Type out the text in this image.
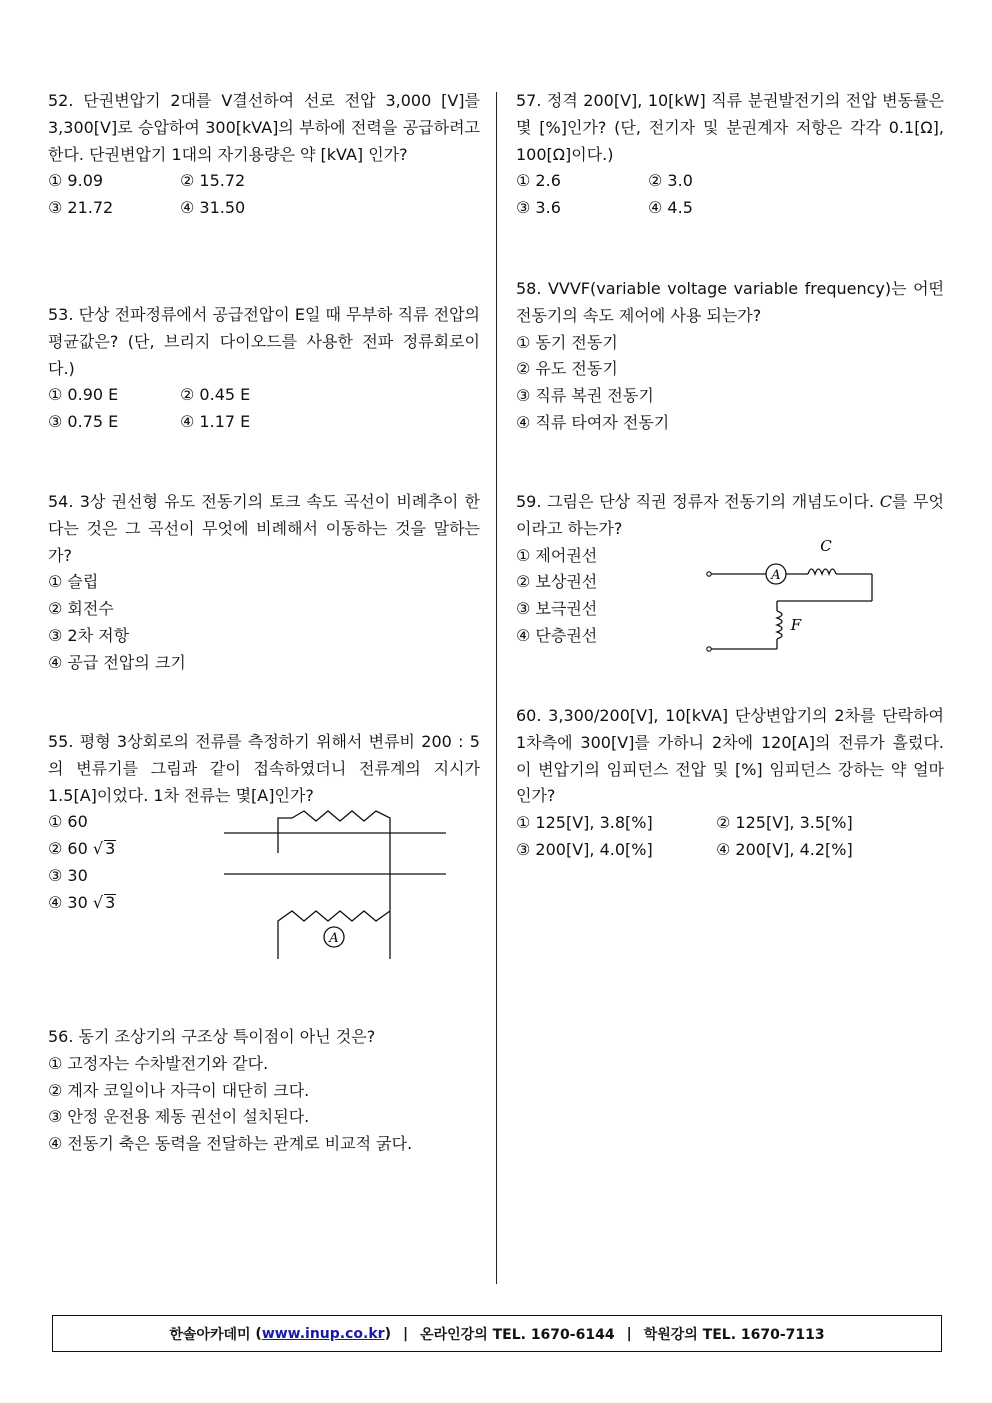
52. 단권변압기 2대를 V결선하여 선로 전압 3,000 [V]를 3,300[V]로 승압하여 300[kVA]의 부하에 전력을 공급하려고 한다. 단권변압기 1대의 자기용량은 약 [kVA] 인가?
① 9.09	② 15.72
③ 21.72	④ 31.50
53. 단상 전파정류에서 공급전압이 E일 때 무부하 직류 전압의 평균값은? (단, 브리지 다이오드를 사용한 전파 정류회로이다.)
① 0.90 E	② 0.45 E
③ 0.75 E	④ 1.17 E
54. 3상 권선형 유도 전동기의 토크 속도 곡선이 비례추이 한다는 것은 그 곡선이 무엇에 비례해서 이동하는 것을 말하는가?
① 슬립
② 회전수
③ 2차 저항
④ 공급 전압의 크기
55. 평형 3상회로의 전류를 측정하기 위해서 변류비 200 : 5의 변류기를 그림과 같이 접속하였더니 전류계의 지시가 1.5[A]이었다. 1차 전류는 몇[A]인가?
① 60
② 60 √ 3
③ 30
④ 30 √ 3
A
56. 동기 조상기의 구조상 특이점이 아닌 것은?
① 고정자는 수차발전기와 같다.
② 계자 코일이나 자극이 대단히 크다.
③ 안정 운전용 제동 권선이 설치된다.
④ 전동기 축은 동력을 전달하는 관계로 비교적 굵다.
57. 정격 200[V], 10[kW] 직류 분권발전기의 전압 변동률은 몇 [%]인가? (단, 전기자 및 분권계자 저항은 각각 0.1[Ω], 100[Ω]이다.)
① 2.6	② 3.0
③ 3.6	④ 4.5
58. VVVF(variable voltage variable frequency)는 어떤 전동기의 속도 제어에 사용 되는가?
① 동기 전동기
② 유도 전동기
③ 직류 복권 전동기
④ 직류 타여자 전동기
59. 그림은 단상 직권 정류자 전동기의 개념도이다. C를 무엇이라고 하는가?
① 제어권선
② 보상권선
③ 보극권선
④ 단층권선
A
C
F
60. 3,300/200[V], 10[kVA] 단상변압기의 2차를 단락하여 1차측에 300[V]를 가하니 2차에 120[A]의 전류가 흘렀다. 이 변압기의 임피던스 전압 및 [%] 임피던스 강하는 약 얼마인가?
① 125[V], 3.8[%]	② 125[V], 3.5[%]
③ 200[V], 4.0[%]	④ 200[V], 4.2[%]
한솔아카데미
( www.inup.co.kr ) | 온라인강의 TEL. 1670-6144 | 학원강의 TEL. 1670-7113
